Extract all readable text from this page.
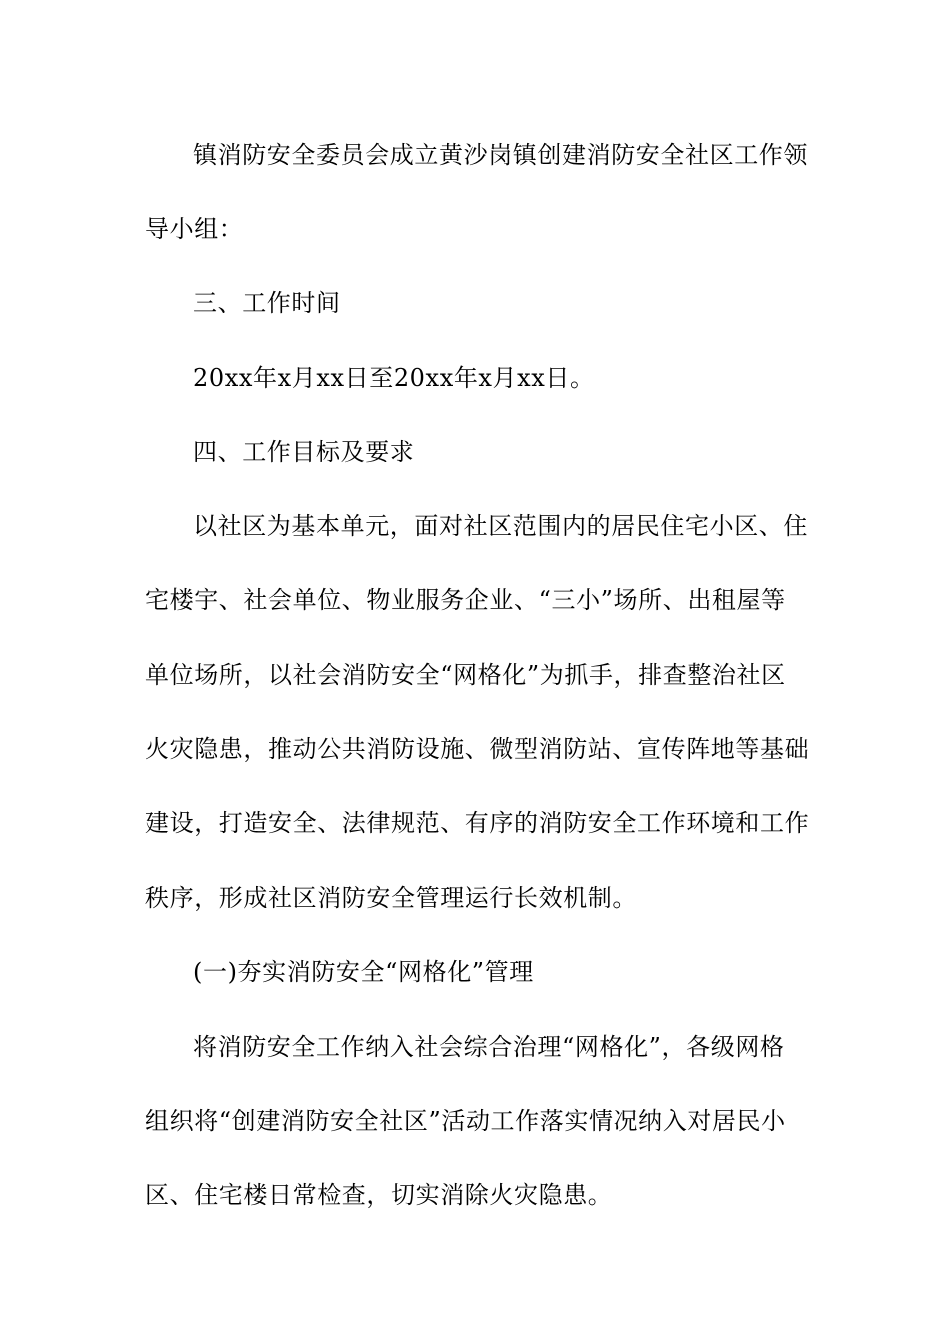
镇消防安全委员会成立黄沙岗镇创建消防安全社区工作领
导小组：
三、工作时间
20xx年x月xx日至20xx年x月xx日。
四、工作目标及要求
以社区为基本单元，面对社区范围内的居民住宅小区、住
宅楼宇、社会单位、物业服务企业、“三小”场所、出租屋等
单位场所，以社会消防安全“网格化”为抓手，排查整治社区
火灾隐患，推动公共消防设施、微型消防站、宣传阵地等基础
建设，打造安全、法律规范、有序的消防安全工作环境和工作
秩序，形成社区消防安全管理运行长效机制。
(一)夯实消防安全“网格化”管理
将消防安全工作纳入社会综合治理“网格化”，各级网格
组织将“创建消防安全社区”活动工作落实情况纳入对居民小
区、住宅楼日常检查，切实消除火灾隐患。
